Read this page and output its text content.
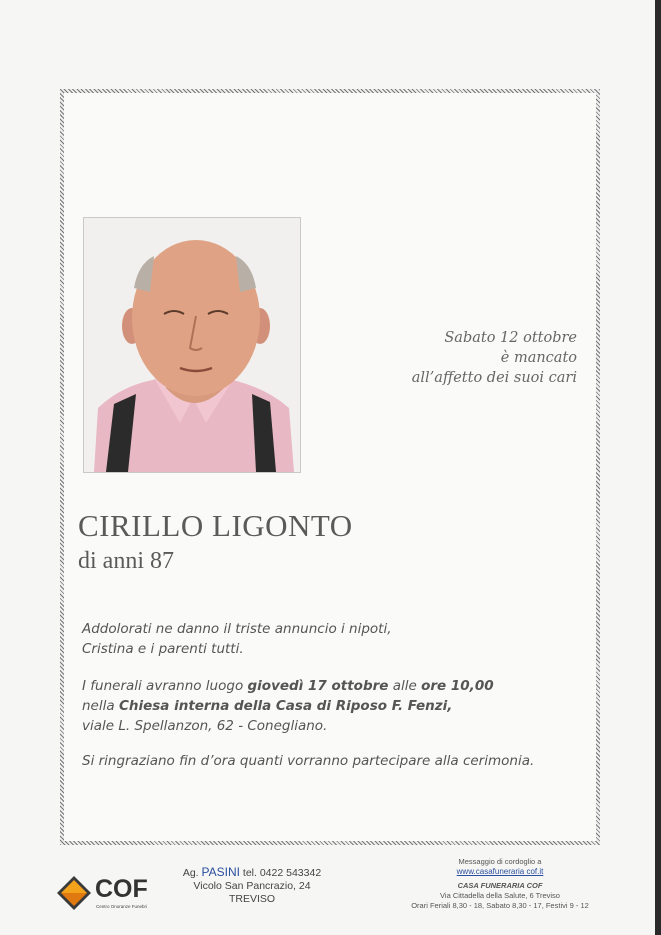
Sabato 12 ottobre
è mancato
all’affetto dei suoi cari
CIRILLO LIGONTO
di anni 87
Addolorati ne danno il triste annuncio i nipoti,
Cristina e i parenti tutti.
I funerali avranno luogo giovedì 17 ottobre alle ore 10,00
nella Chiesa interna della Casa di Riposo F. Fenzi,
viale L. Spellanzon, 62 - Conegliano.
Si ringraziano fin d’ora quanti vorranno partecipare alla cerimonia.
COF
Centro Onoranze Funebri
Ag. PASINI tel. 0422 543342
Vicolo San Pancrazio, 24
TREVISO
Messaggio di cordoglio a
www.casafuneraria cof.it
CASA FUNERARIA COF
Via Cittadella della Salute, 6 Treviso
Orari Feriali 8,30 - 18, Sabato 8,30 - 17, Festivi 9 - 12
